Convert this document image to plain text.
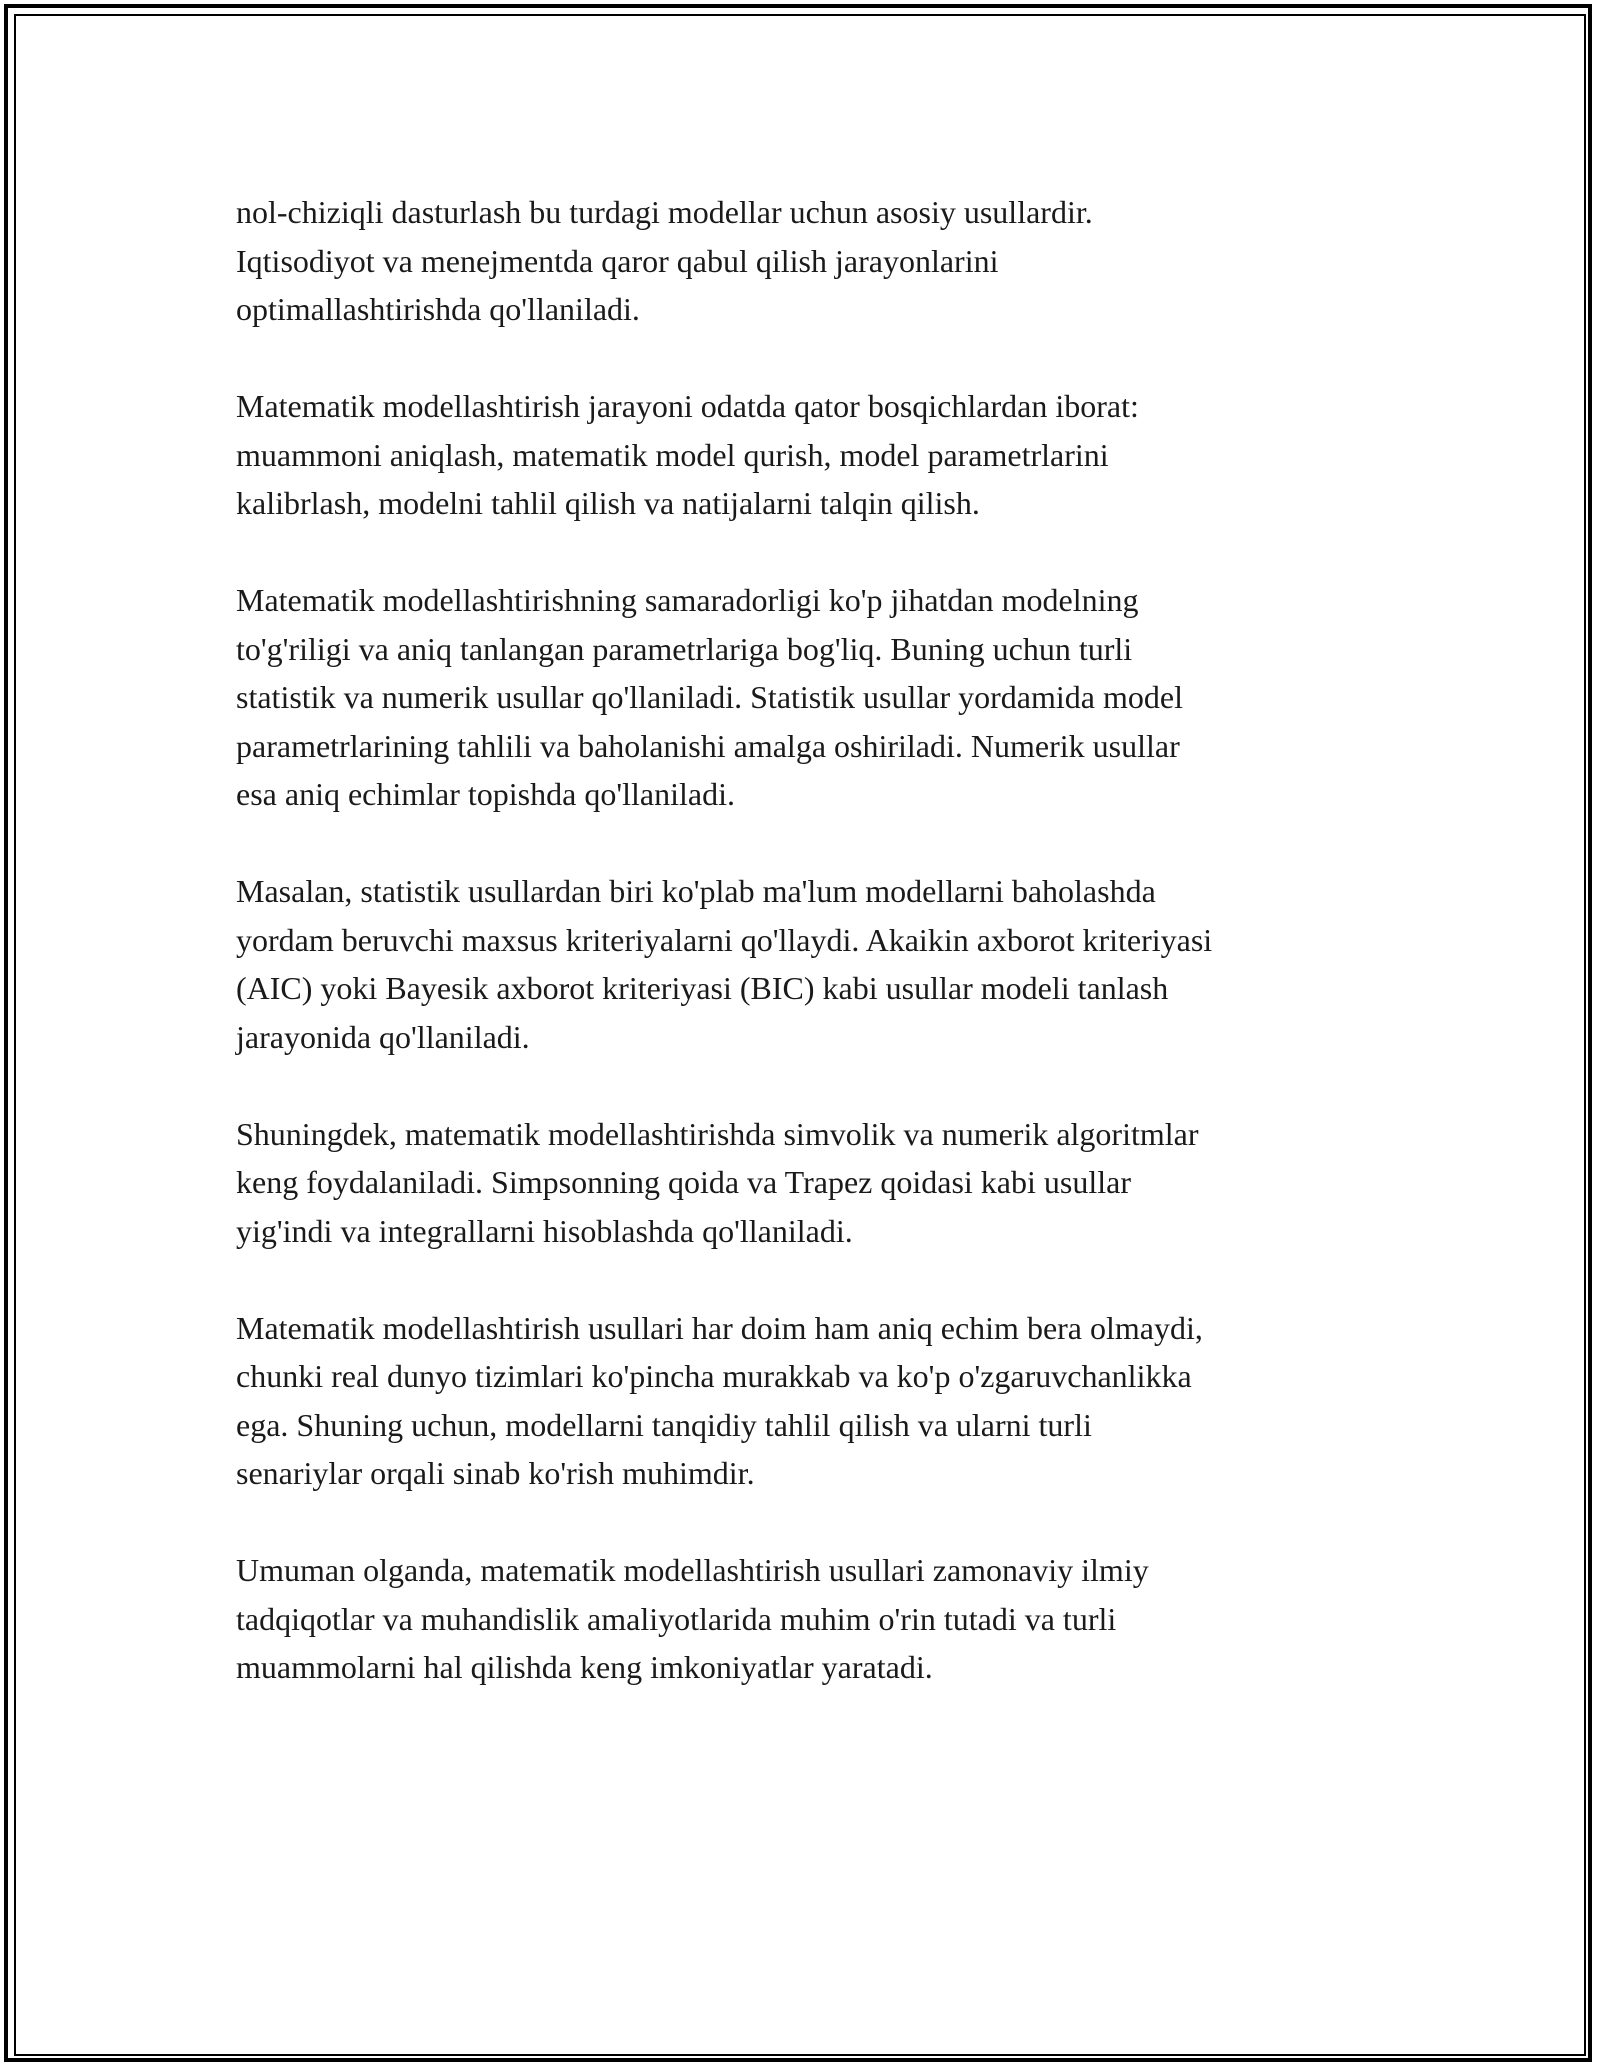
nol-chiziqli dasturlash bu turdagi modellar uchun asosiy usullardir.
Iqtisodiyot va menejmentda qaror qabul qilish jarayonlarini
optimallashtirishda qo'llaniladi.

Matematik modellashtirish jarayoni odatda qator bosqichlardan iborat:
muammoni aniqlash, matematik model qurish, model parametrlarini
kalibrlash, modelni tahlil qilish va natijalarni talqin qilish.

Matematik modellashtirishning samaradorligi ko'p jihatdan modelning
to'g'riligi va aniq tanlangan parametrlariga bog'liq. Buning uchun turli
statistik va numerik usullar qo'llaniladi. Statistik usullar yordamida model
parametrlarining tahlili va baholanishi amalga oshiriladi. Numerik usullar
esa aniq echimlar topishda qo'llaniladi.

Masalan, statistik usullardan biri ko'plab ma'lum modellarni baholashda
yordam beruvchi maxsus kriteriyalarni qo'llaydi. Akaikin axborot kriteriyasi
(AIC) yoki Bayesik axborot kriteriyasi (BIC) kabi usullar modeli tanlash
jarayonida qo'llaniladi.

Shuningdek, matematik modellashtirishda simvolik va numerik algoritmlar
keng foydalaniladi. Simpsonning qoida va Trapez qoidasi kabi usullar
yig'indi va integrallarni hisoblashda qo'llaniladi.

Matematik modellashtirish usullari har doim ham aniq echim bera olmaydi,
chunki real dunyo tizimlari ko'pincha murakkab va ko'p o'zgaruvchanlikka
ega. Shuning uchun, modellarni tanqidiy tahlil qilish va ularni turli
senariylar orqali sinab ko'rish muhimdir.

Umuman olganda, matematik modellashtirish usullari zamonaviy ilmiy
tadqiqotlar va muhandislik amaliyotlarida muhim o'rin tutadi va turli
muammolarni hal qilishda keng imkoniyatlar yaratadi.
